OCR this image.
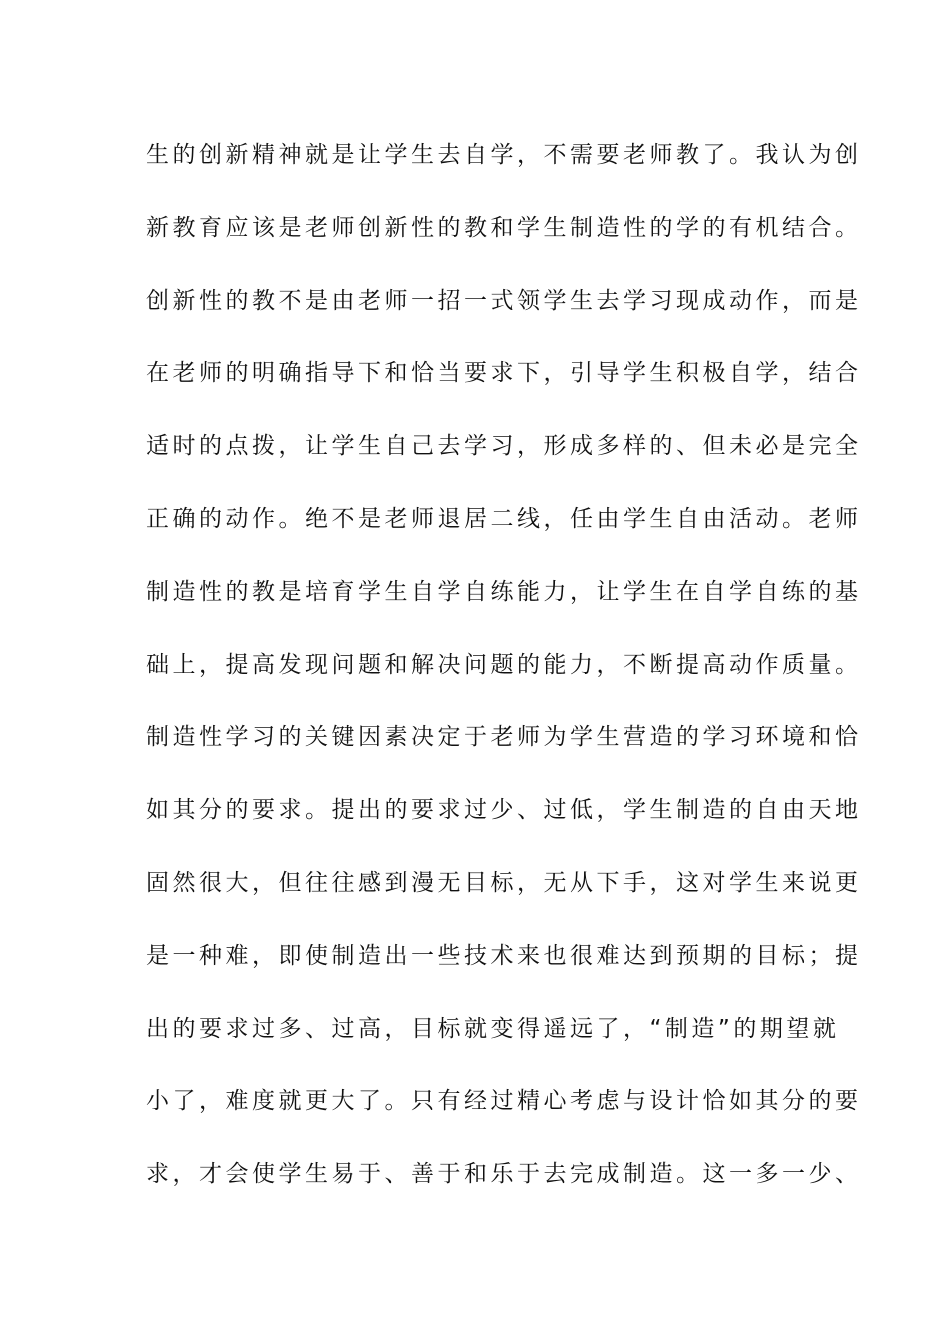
生的创新精神就是让学生去自学，不需要老师教了。我认为创
新教育应该是老师创新性的教和学生制造性的学的有机结合。
创新性的教不是由老师一招一式领学生去学习现成动作，而是
在老师的明确指导下和恰当要求下，引导学生积极自学，结合
适时的点拨，让学生自己去学习，形成多样的、但未必是完全
正确的动作。绝不是老师退居二线，任由学生自由活动。老师
制造性的教是培育学生自学自练能力，让学生在自学自练的基
础上，提高发现问题和解决问题的能力，不断提高动作质量。
制造性学习的关键因素决定于老师为学生营造的学习环境和恰
如其分的要求。提出的要求过少、过低，学生制造的自由天地
固然很大，但往往感到漫无目标，无从下手，这对学生来说更
是一种难，即使制造出一些技术来也很难达到预期的目标；提
出的要求过多、过高，目标就变得遥远了，“制造”的期望就
小了，难度就更大了。只有经过精心考虑与设计恰如其分的要
求，才会使学生易于、善于和乐于去完成制造。这一多一少、
